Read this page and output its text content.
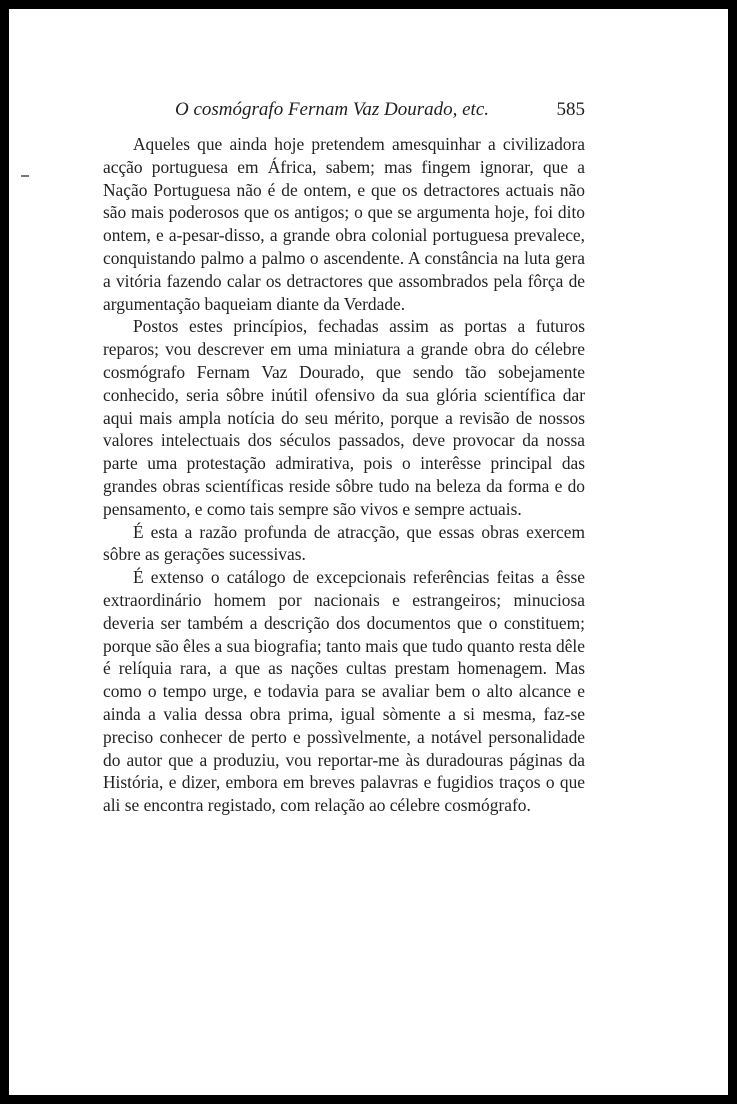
O cosmógrafo Fernam Vaz Dourado, etc.	585

Aqueles que ainda hoje pretendem amesquinhar a civilizadora acção portuguesa em África, sabem; mas fingem ignorar, que a Nação Portuguesa não é de ontem, e que os detractores actuais não são mais poderosos que os antigos; o que se argumenta hoje, foi dito ontem, e a-pesar-disso, a grande obra colonial portuguesa prevalece, conquistando palmo a palmo o ascendente. A constância na luta gera a vitória fazendo calar os detractores que assombrados pela fôrça de argumentação baqueiam diante da Verdade.

Postos estes princípios, fechadas assim as portas a futuros reparos; vou descrever em uma miniatura a grande obra do célebre cosmógrafo Fernam Vaz Dourado, que sendo tão sobejamente conhecido, seria sôbre inútil ofensivo da sua glória scientífica dar aqui mais ampla notícia do seu mérito, porque a revisão de nossos valores intelectuais dos séculos passados, deve provocar da nossa parte uma protestação admirativa, pois o interêsse principal das grandes obras scientíficas reside sôbre tudo na beleza da forma e do pensamento, e como tais sempre são vivos e sempre actuais.

É esta a razão profunda de atracção, que essas obras exercem sôbre as gerações sucessivas.

É extenso o catálogo de excepcionais referências feitas a êsse extraordinário homem por nacionais e estrangeiros; minuciosa deveria ser também a descrição dos documentos que o constituem; porque são êles a sua biografia; tanto mais que tudo quanto resta dêle é relíquia rara, a que as nações cultas prestam homenagem. Mas como o tempo urge, e todavia para se avaliar bem o alto alcance e ainda a valia dessa obra prima, igual sòmente a si mesma, faz-se preciso conhecer de perto e possìvelmente, a notável personalidade do autor que a produziu, vou reportar-me às duradouras páginas da História, e dizer, embora em breves palavras e fugidios traços o que ali se encontra registado, com relação ao célebre cosmógrafo.
